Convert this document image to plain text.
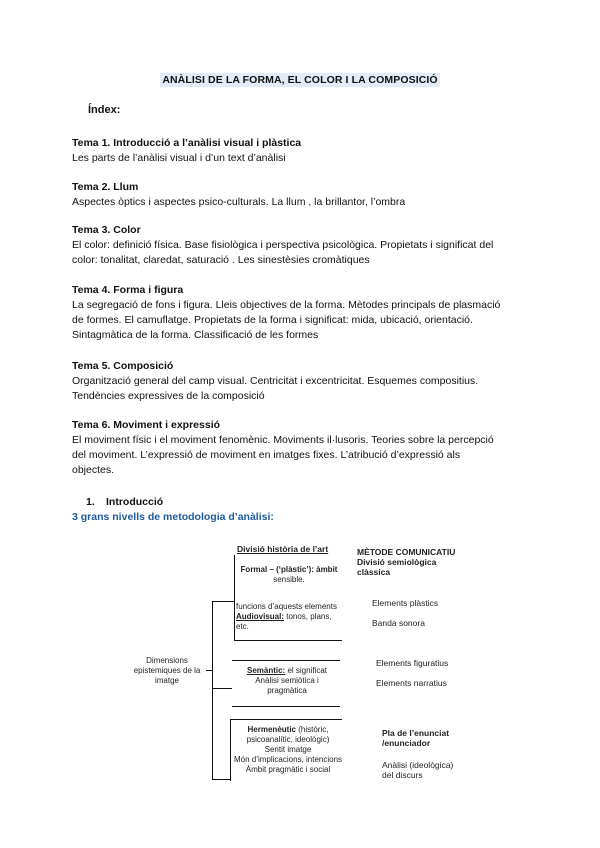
ANÀLISI DE LA FORMA, EL COLOR I LA COMPOSICIÓ
Índex:
Tema 1. Introducció a l’anàlisi visual i plàstica
Les parts de l’anàlisi visual i d’un text d’anàlisi
Tema 2. Llum
Aspectes òptics i aspectes psico-culturals. La llum , la brillantor, l’ombra
Tema 3. Color
El color: definició física. Base fisiològica i perspectiva psicològica. Propietats i significat del
color: tonalitat, claredat, saturació . Les sinestèsies cromàtiques
Tema 4. Forma i figura
La segregació de fons i figura. Lleis objectives de la forma. Mètodes principals de plasmació
de formes. El camuflatge. Propietats de la forma i significat: mida, ubicació, orientació.
Sintagmàtica de la forma. Classificació de les formes
Tema 5. Composició
Organització general del camp visual. Centricitat i excentricitat. Esquemes compositius.
Tendències expressives de la composició
Tema 6. Moviment i expressió
El moviment físic i el moviment fenomènic. Moviments il·lusoris. Teories sobre la percepció
del moviment. L’expressió de moviment en imatges fixes. L’atribució d’expressió als
objectes.
1. Introducció
3 grans nivells de metodologia d’anàlisi:
Dimensions
epistemiques de la
imatge
Divisió història de l’art
Formal – (‘plàstic’): àmbit
sensible.
funcions d’aquests elements
Audiovisual: tonos, plans,
etc.
Semàntic: el significat
Anàlisi semiòtica i
pragmàtica
Hermenèutic (històric,
psicoanalític, ideològic)
Sentit imatge
Món d’implicacions, intencions
Àmbit pragmàtic i social
MÈTODE COMUNICATIU
Divisió semiològica
clàssica
Elements plàstics
Banda sonora
Elements figuratius
Elements narratius
Pla de l’enunciat
/enunciador
Anàlisi (ideològica)
del discurs
